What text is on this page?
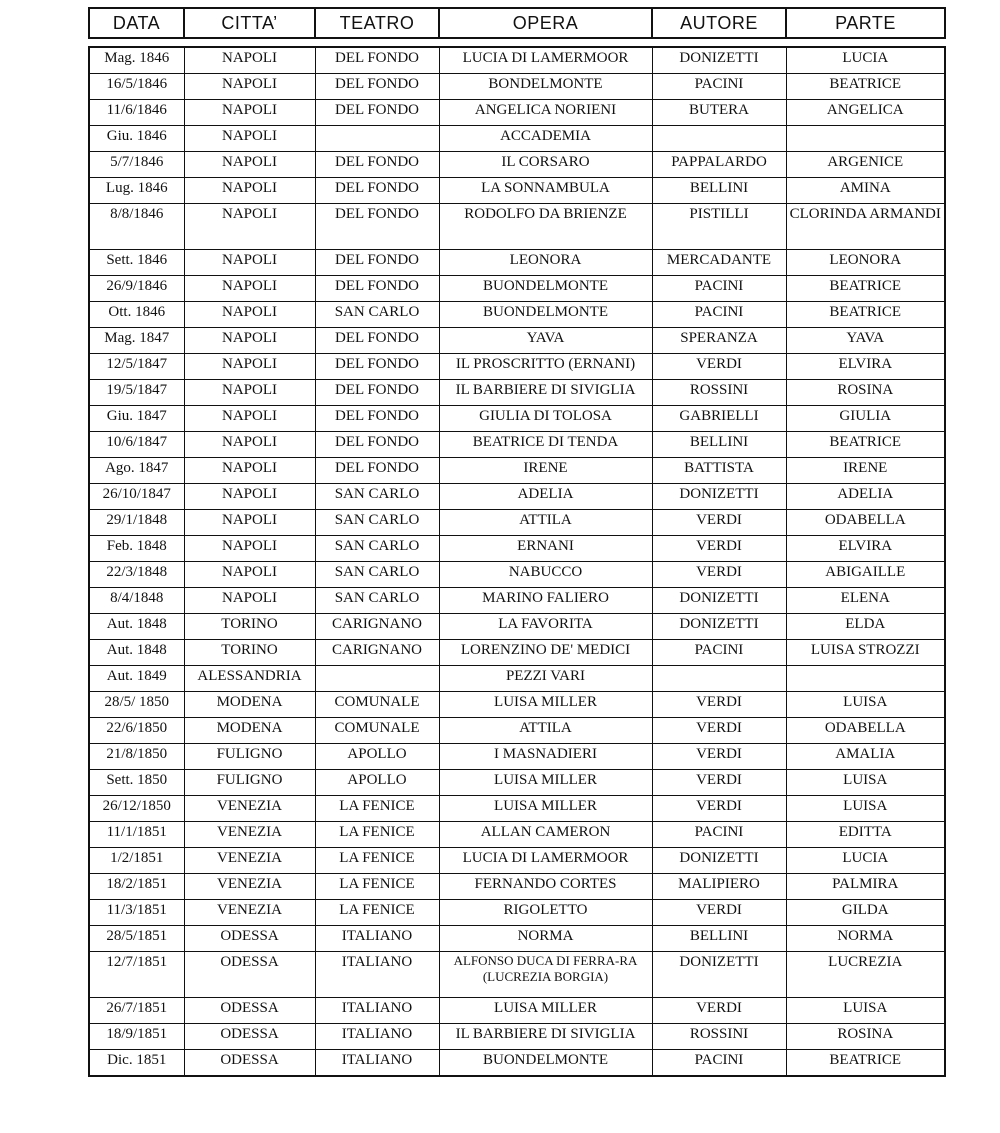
DATA	CITTA’	TEATRO	OPERA	AUTORE	PARTE
Mag. 1846	NAPOLI	DEL FONDO	LUCIA DI LAMERMOOR	DONIZETTI	LUCIA
16/5/1846	NAPOLI	DEL FONDO	BONDELMONTE	PACINI	BEATRICE
11/6/1846	NAPOLI	DEL FONDO	ANGELICA NORIENI	BUTERA	ANGELICA
Giu. 1846	NAPOLI		ACCADEMIA		
5/7/1846	NAPOLI	DEL FONDO	IL CORSARO	PAPPALARDO	ARGENICE
Lug. 1846	NAPOLI	DEL FONDO	LA SONNAMBULA	BELLINI	AMINA
8/8/1846	NAPOLI	DEL FONDO	RODOLFO DA BRIENZE	PISTILLI	CLORINDA ARMANDI
Sett. 1846	NAPOLI	DEL FONDO	LEONORA	MERCADANTE	LEONORA
26/9/1846	NAPOLI	DEL FONDO	BUONDELMONTE	PACINI	BEATRICE
Ott. 1846	NAPOLI	SAN CARLO	BUONDELMONTE	PACINI	BEATRICE
Mag. 1847	NAPOLI	DEL FONDO	YAVA	SPERANZA	YAVA
12/5/1847	NAPOLI	DEL FONDO	IL PROSCRITTO (ERNANI)	VERDI	ELVIRA
19/5/1847	NAPOLI	DEL FONDO	IL BARBIERE DI SIVIGLIA	ROSSINI	ROSINA
Giu. 1847	NAPOLI	DEL FONDO	GIULIA DI TOLOSA	GABRIELLI	GIULIA
10/6/1847	NAPOLI	DEL FONDO	BEATRICE DI TENDA	BELLINI	BEATRICE
Ago. 1847	NAPOLI	DEL FONDO	IRENE	BATTISTA	IRENE
26/10/1847	NAPOLI	SAN CARLO	ADELIA	DONIZETTI	ADELIA
29/1/1848	NAPOLI	SAN CARLO	ATTILA	VERDI	ODABELLA
Feb. 1848	NAPOLI	SAN CARLO	ERNANI	VERDI	ELVIRA
22/3/1848	NAPOLI	SAN CARLO	NABUCCO	VERDI	ABIGAILLE
8/4/1848	NAPOLI	SAN CARLO	MARINO FALIERO	DONIZETTI	ELENA
Aut. 1848	TORINO	CARIGNANO	LA FAVORITA	DONIZETTI	ELDA
Aut. 1848	TORINO	CARIGNANO	LORENZINO DE' MEDICI	PACINI	LUISA STROZZI
Aut. 1849	ALESSANDRIA		PEZZI VARI		
28/5/ 1850	MODENA	COMUNALE	LUISA MILLER	VERDI	LUISA
22/6/1850	MODENA	COMUNALE	ATTILA	VERDI	ODABELLA
21/8/1850	FULIGNO	APOLLO	I MASNADIERI	VERDI	AMALIA
Sett. 1850	FULIGNO	APOLLO	LUISA MILLER	VERDI	LUISA
26/12/1850	VENEZIA	LA FENICE	LUISA MILLER	VERDI	LUISA
11/1/1851	VENEZIA	LA FENICE	ALLAN CAMERON	PACINI	EDITTA
1/2/1851	VENEZIA	LA FENICE	LUCIA DI LAMERMOOR	DONIZETTI	LUCIA
18/2/1851	VENEZIA	LA FENICE	FERNANDO CORTES	MALIPIERO	PALMIRA
11/3/1851	VENEZIA	LA FENICE	RIGOLETTO	VERDI	GILDA
28/5/1851	ODESSA	ITALIANO	NORMA	BELLINI	NORMA
12/7/1851	ODESSA	ITALIANO	ALFONSO DUCA DI FERRA-RA (LUCREZIA BORGIA)	DONIZETTI	LUCREZIA
26/7/1851	ODESSA	ITALIANO	LUISA MILLER	VERDI	LUISA
18/9/1851	ODESSA	ITALIANO	IL BARBIERE DI SIVIGLIA	ROSSINI	ROSINA
Dic. 1851	ODESSA	ITALIANO	BUONDELMONTE	PACINI	BEATRICE
